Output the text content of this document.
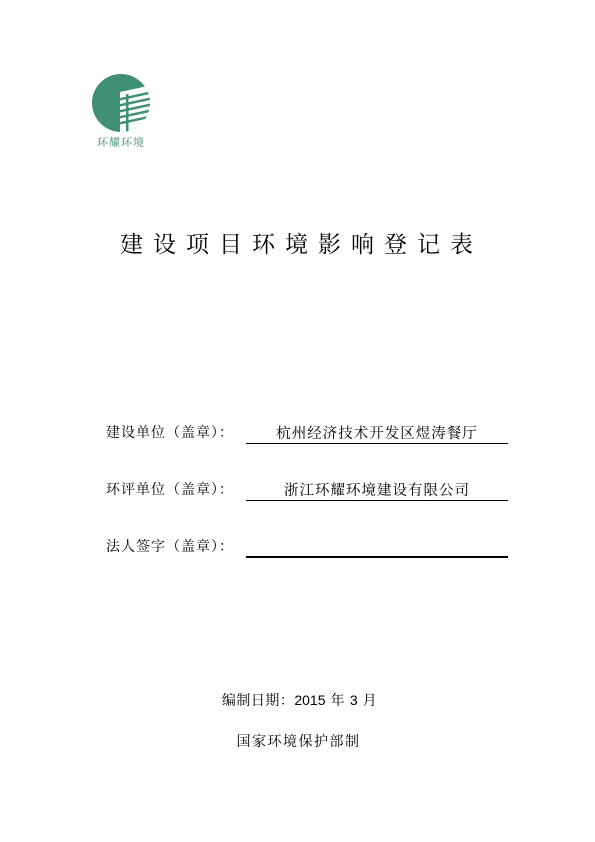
环耀环境
建设项目环境影响登记表
建设单位（盖章）：	杭州经济技术开发区煜涛餐厅
环评单位（盖章）：	浙江环耀环境建设有限公司
法人签字（盖章）：
编制日期：2015 年 3 月
国家环境保护部制
